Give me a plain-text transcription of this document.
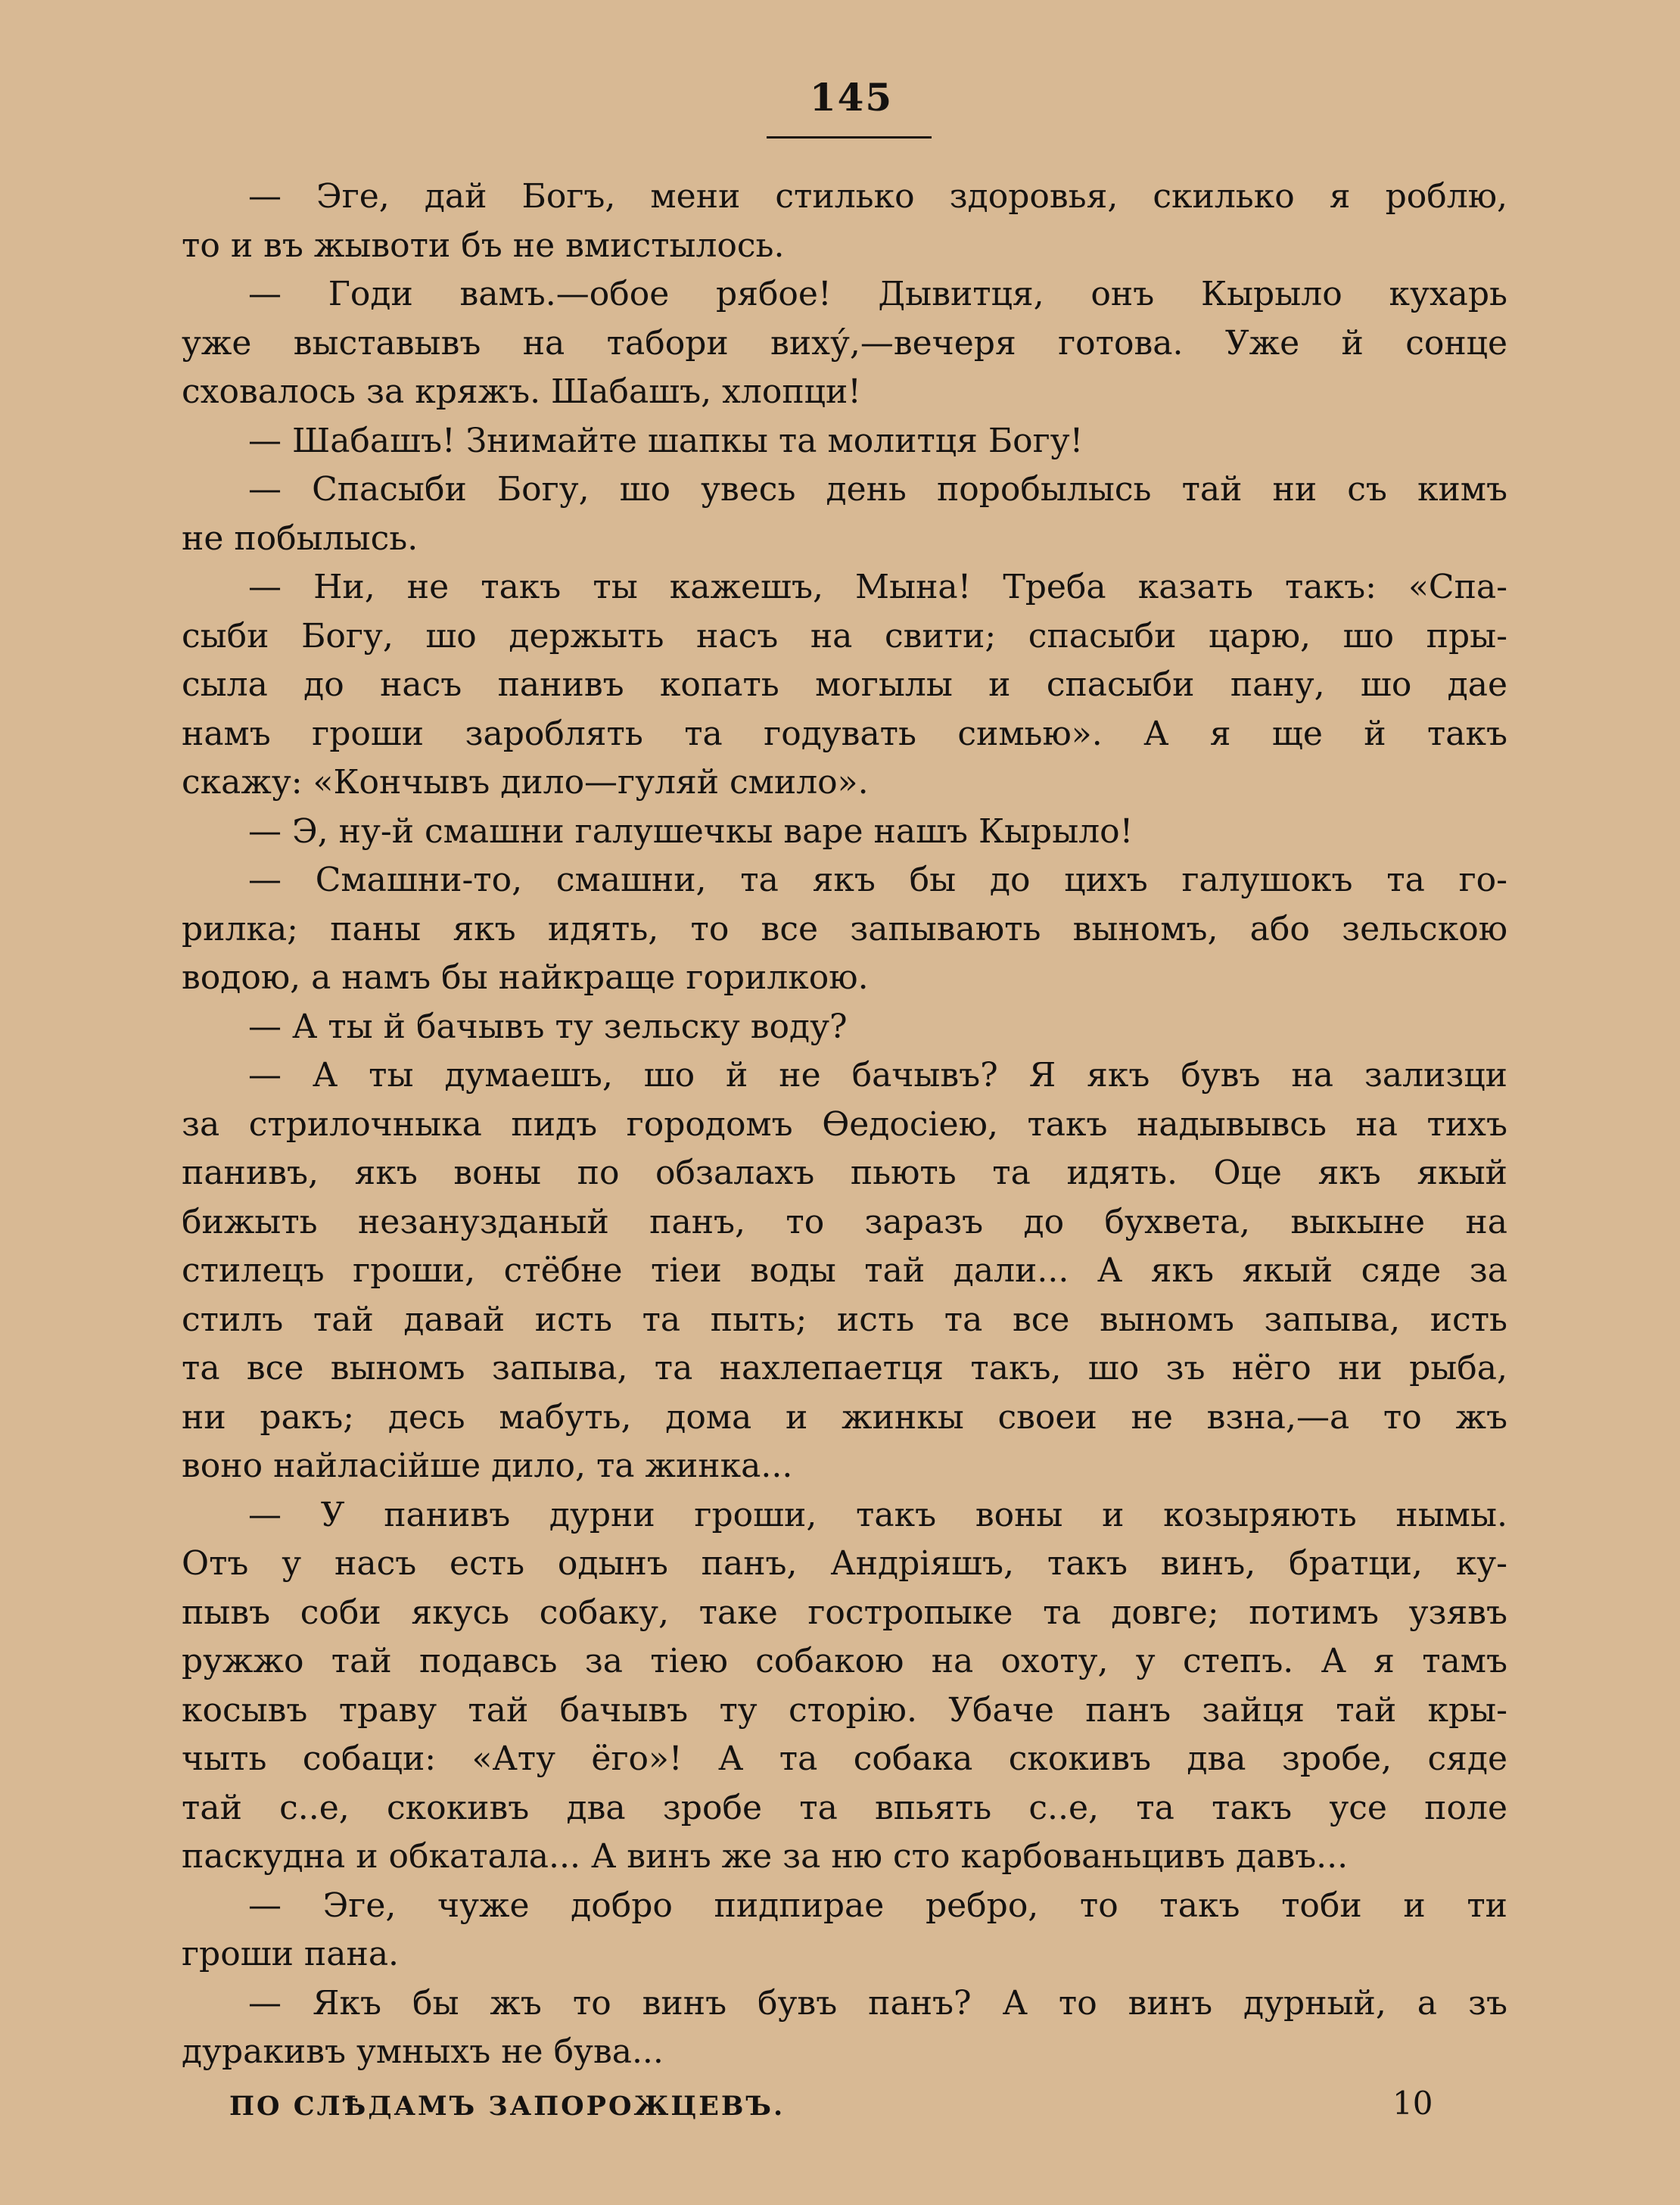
145
— Эге, дай Богъ, мени стилько здоровья, скилько я роблю,
то и въ жывоти бъ не вмистылось.
— Годи вамъ.—обое рябое! Дывитця, онъ Кырыло кухарь
уже выставывъ на табори виху́,—вечеря готова. Уже й сонце
сховалось за кряжъ. Шабашъ, хлопци!
— Шабашъ! Знимайте шапкы та молитця Богу!
— Спасыби Богу, шо увесь день поробылысь тай ни съ кимъ
не побылысь.
— Ни, не такъ ты кажешъ, Мына! Треба казать такъ: «Спа-
сыби Богу, шо держыть насъ на свити; спасыби царю, шо пры-
сыла до насъ панивъ копать могылы и спасыби пану, шо дае
намъ гроши зароблять та годувать симью». А я ще й такъ
скажу: «Кончывъ дило—гуляй смило».
— Э, ну-й смашни галушечкы варе нашъ Кырыло!
— Смашни-то, смашни, та якъ бы до цихъ галушокъ та го-
рилка; паны якъ идять, то все запывають выномъ, або зельскою
водою, а намъ бы найкраще горилкою.
— А ты й бачывъ ту зельску воду?
— А ты думаешъ, шо й не бачывъ? Я якъ бувъ на зализци
за стрилочныка пидъ городомъ Өедосіею, такъ надывывсь на тихъ
панивъ, якъ воны по обзалахъ пьють та идять. Оце якъ якый
бижыть незанузданый панъ, то заразъ до бухвета, выкыне на
стилецъ гроши, стёбне тіеи воды тай дали... А якъ якый сяде за
стилъ тай давай исть та пыть; исть та все выномъ запыва, исть
та все выномъ запыва, та нахлепаетця такъ, шо зъ нёго ни рыба,
ни ракъ; десь мабуть, дома и жинкы своеи не взна,—а то жъ
воно найласійше дило, та жинка...
— У панивъ дурни гроши, такъ воны и козыряють нымы.
Отъ у насъ есть одынъ панъ, Андріяшъ, такъ винъ, братци, ку-
пывъ соби якусь собаку, таке гостропыке та довге; потимъ узявъ
ружжо тай подавсь за тіею собакою на охоту, у степъ. А я тамъ
косывъ траву тай бачывъ ту сторію. Убаче панъ зайця тай кры-
чыть собаци: «Ату ёго»! А та собака скокивъ два зробе, сяде
тай с..е, скокивъ два зробе та впьять с..е, та такъ усе поле
паскудна и обкатала... А винъ же за ню сто карбованьцивъ давъ...
— Эге, чуже добро пидпирае ребро, то такъ тоби и ти
гроши пана.
— Якъ бы жъ то винъ бувъ панъ? А то винъ дурный, а зъ
дуракивъ умныхъ не бува...
ПО СЛѢДАМЪ ЗАПОРОЖЦЕВЪ.	10
